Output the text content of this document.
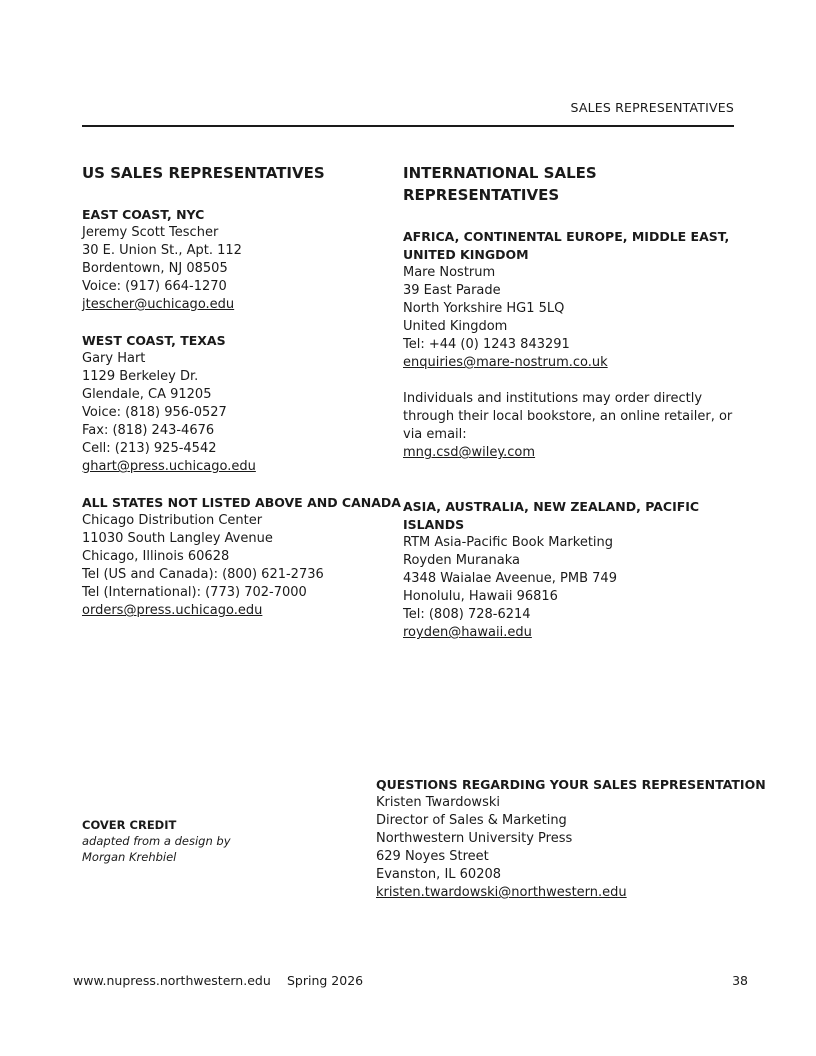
SALES REPRESENTATIVES
US SALES REPRESENTATIVES
EAST COAST, NYC
Jeremy Scott Tescher
30 E. Union St., Apt. 112
Bordentown, NJ 08505
Voice: (917) 664-1270
jtescher@uchicago.edu
WEST COAST, TEXAS
Gary Hart
1129 Berkeley Dr.
Glendale, CA 91205
Voice: (818) 956-0527
Fax: (818) 243-4676
Cell: (213) 925-4542
ghart@press.uchicago.edu
ALL STATES NOT LISTED ABOVE AND CANADA
Chicago Distribution Center
11030 South Langley Avenue
Chicago, Illinois 60628
Tel (US and Canada): (800) 621-2736
Tel (International): (773) 702-7000
orders@press.uchicago.edu
INTERNATIONAL SALES
REPRESENTATIVES
AFRICA, CONTINENTAL EUROPE, MIDDLE EAST,
UNITED KINGDOM
Mare Nostrum
39 East Parade
North Yorkshire HG1 5LQ
United Kingdom
Tel: +44 (0) 1243 843291
enquiries@mare-nostrum.co.uk
Individuals and institutions may order directly
through their local bookstore, an online retailer, or
via email:
mng.csd@wiley.com
ASIA, AUSTRALIA, NEW ZEALAND, PACIFIC
ISLANDS
RTM Asia-Pacific Book Marketing
Royden Muranaka
4348 Waialae Aveenue, PMB 749
Honolulu, Hawaii 96816
Tel: (808) 728-6214
royden@hawaii.edu
QUESTIONS REGARDING YOUR SALES REPRESENTATION
Kristen Twardowski
Director of Sales & Marketing
Northwestern University Press
629 Noyes Street
Evanston, IL 60208
kristen.twardowski@northwestern.edu
COVER CREDIT
adapted from a design by
Morgan Krehbiel
www.nupress.northwestern.edu Spring 2026	38
